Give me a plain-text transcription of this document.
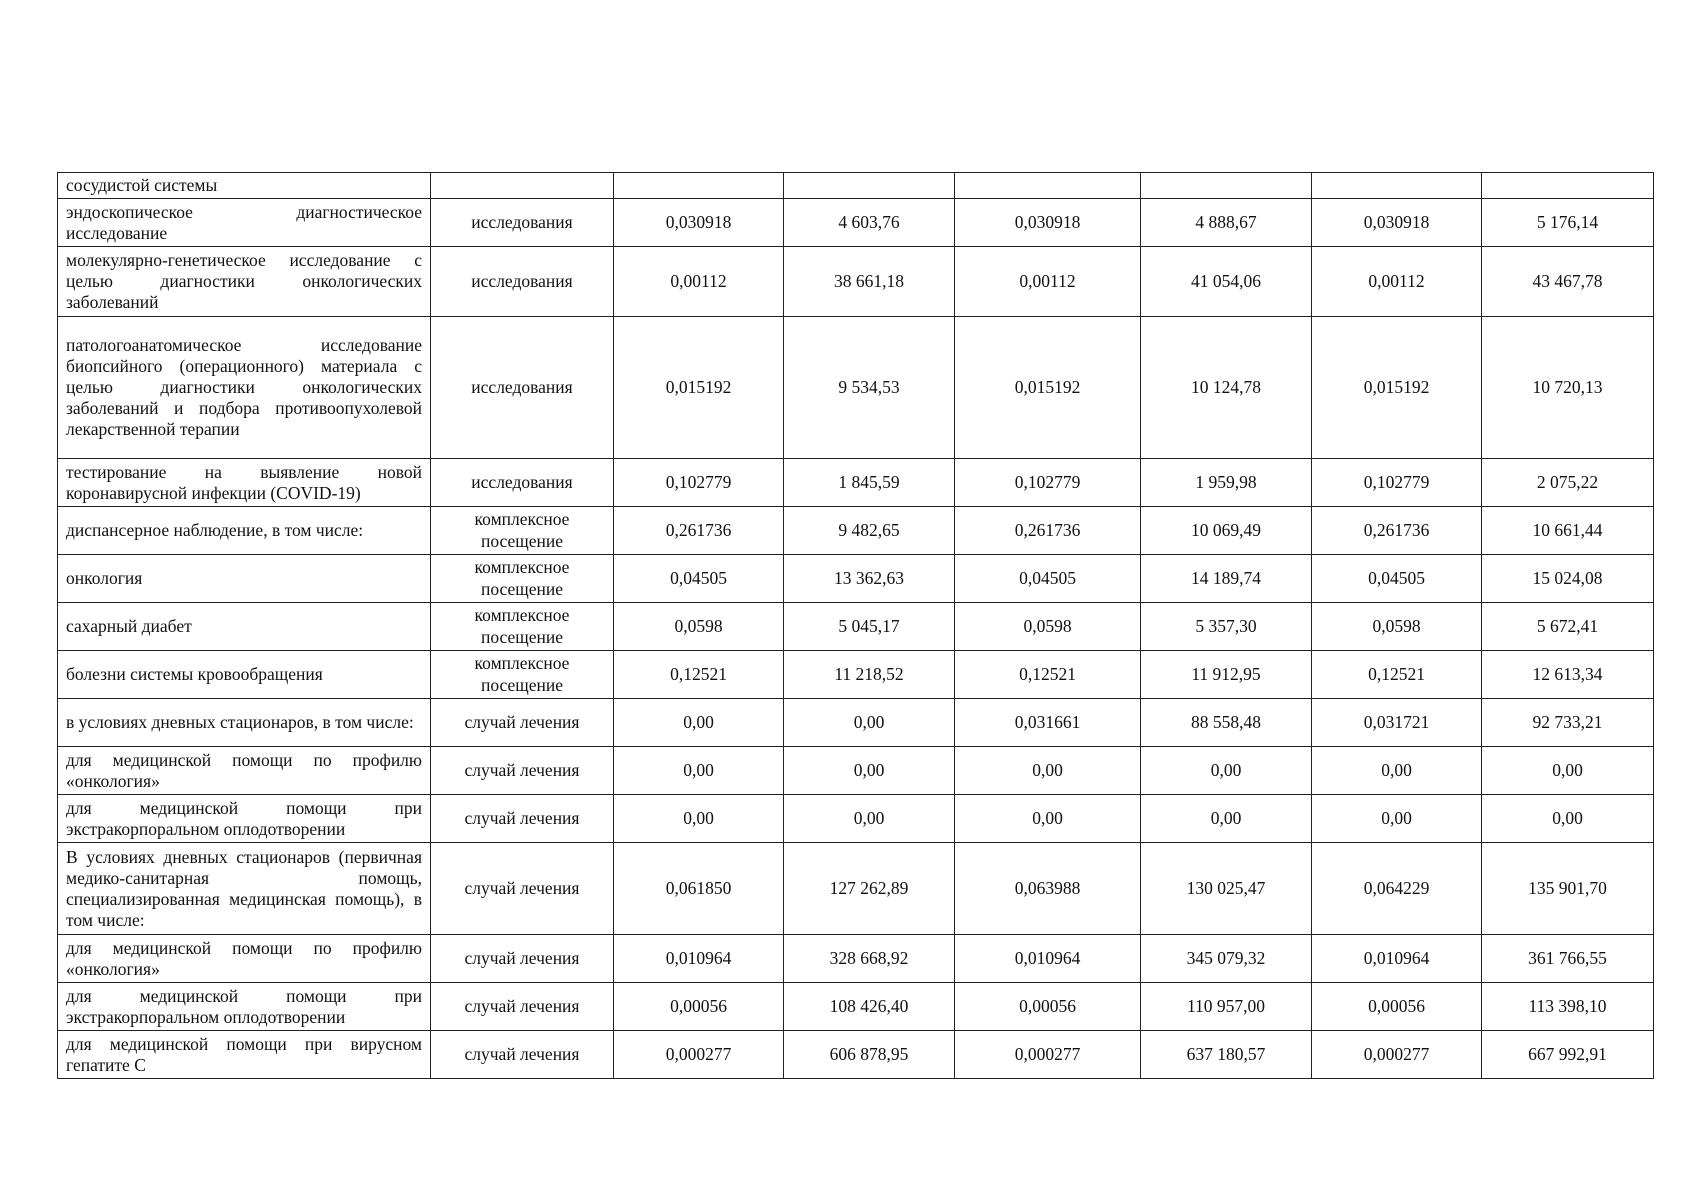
сосудистой системы							
эндоскопическое диагностическое исследование	исследования	0,030918	4 603,76	0,030918	4 888,67	0,030918	5 176,14
молекулярно-генетическое исследование с целью диагностики онкологических заболеваний	исследования	0,00112	38 661,18	0,00112	41 054,06	0,00112	43 467,78
патологоанатомическое исследование биопсийного (операционного) материала с целью диагностики онкологических заболеваний и подбора противоопухолевой лекарственной терапии	исследования	0,015192	9 534,53	0,015192	10 124,78	0,015192	10 720,13
тестирование на выявление новой коронавирусной инфекции (COVID-19)	исследования	0,102779	1 845,59	0,102779	1 959,98	0,102779	2 075,22
диспансерное наблюдение, в том числе:	комплексное посещение	0,261736	9 482,65	0,261736	10 069,49	0,261736	10 661,44
онкология	комплексное посещение	0,04505	13 362,63	0,04505	14 189,74	0,04505	15 024,08
сахарный диабет	комплексное посещение	0,0598	5 045,17	0,0598	5 357,30	0,0598	5 672,41
болезни системы кровообращения	комплексное посещение	0,12521	11 218,52	0,12521	11 912,95	0,12521	12 613,34
в условиях дневных стационаров, в том числе:	случай лечения	0,00	0,00	0,031661	88 558,48	0,031721	92 733,21
для медицинской помощи по профилю «онкология»	случай лечения	0,00	0,00	0,00	0,00	0,00	0,00
для медицинской помощи при экстракорпоральном оплодотворении	случай лечения	0,00	0,00	0,00	0,00	0,00	0,00
В условиях дневных стационаров (первичная медико-санитарная помощь, специализированная медицинская помощь), в том числе:	случай лечения	0,061850	127 262,89	0,063988	130 025,47	0,064229	135 901,70
для медицинской помощи по профилю «онкология»	случай лечения	0,010964	328 668,92	0,010964	345 079,32	0,010964	361 766,55
для медицинской помощи при экстракорпоральном оплодотворении	случай лечения	0,00056	108 426,40	0,00056	110 957,00	0,00056	113 398,10
для медицинской помощи при вирусном гепатите С	случай лечения	0,000277	606 878,95	0,000277	637 180,57	0,000277	667 992,91
